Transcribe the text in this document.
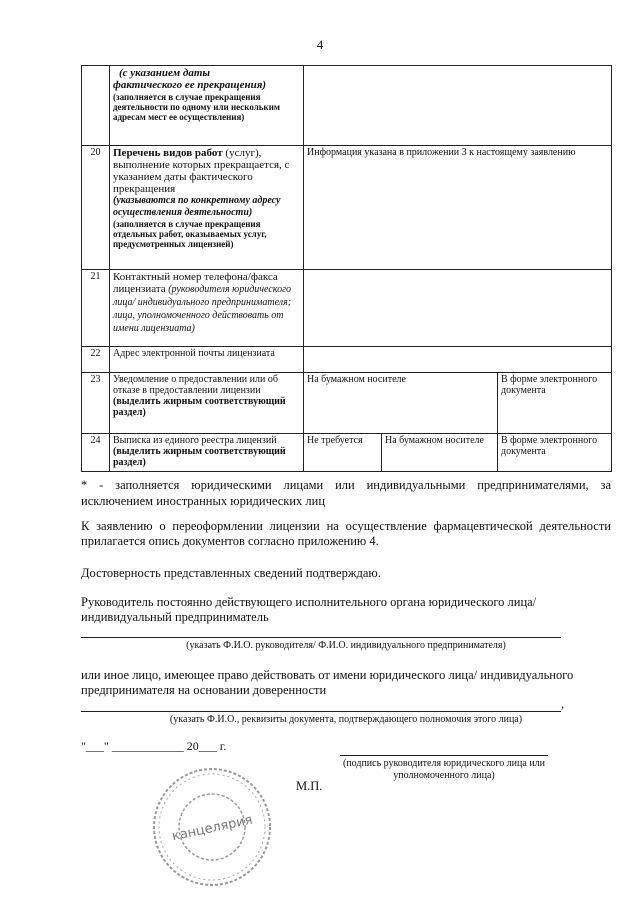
4

	(с указанием даты
фактического ее прекращения)
(заполняется в случае прекращения деятельности по одному или нескольким адресам мест ее осуществления)			

20	Перечень видов работ (услуг), выполнение которых прекращается, с указанием даты фактического прекращения
(указываются по конкретному адресу осуществления деятельности)
(заполняется в случае прекращения отдельных работ, оказываемых услуг, предусмотренных лицензией)	Информация указана в приложении 3 к настоящему заявлению		
21	Контактный номер телефона/факса лицензиата (руководителя юридического лица/ индивидуального предпринимателя; лица, уполномоченного действовать от имени лицензиата)			

22	Адрес электронной почты лицензиата			
23	Уведомление о предоставлении или об отказе в предоставлении лицензии
(выделить жирным соответствующий раздел)	На бумажном носителе		В форме электронного документа
24	Выписка из единого реестра лицензий
(выделить жирным соответствующий раздел)	Не требуется	На бумажном носителе	В форме электронного документа
* - заполняется юридическими лицами или индивидуальными предпринимателями, за исключением иностранных юридических лиц
К заявлению о переоформлении лицензии на осуществление фармацевтической деятельности прилагается опись документов согласно приложению 4.
Достоверность представленных сведений подтверждаю.
Руководитель постоянно действующего исполнительного органа юридического лица/ индивидуальный предприниматель
(указать Ф.И.О. руководителя/ Ф.И.О. индивидуального предпринимателя)
или иное лицо, имеющее право действовать от имени юридического лица/ индивидуального предпринимателя на основании доверенности
,
(указать Ф.И.О., реквизиты документа, подтверждающего полномочия этого лица)
"___" ____________ 20___ г.
(подпись руководителя юридического лица или уполномоченного лица)
М.П.
канцелярия
